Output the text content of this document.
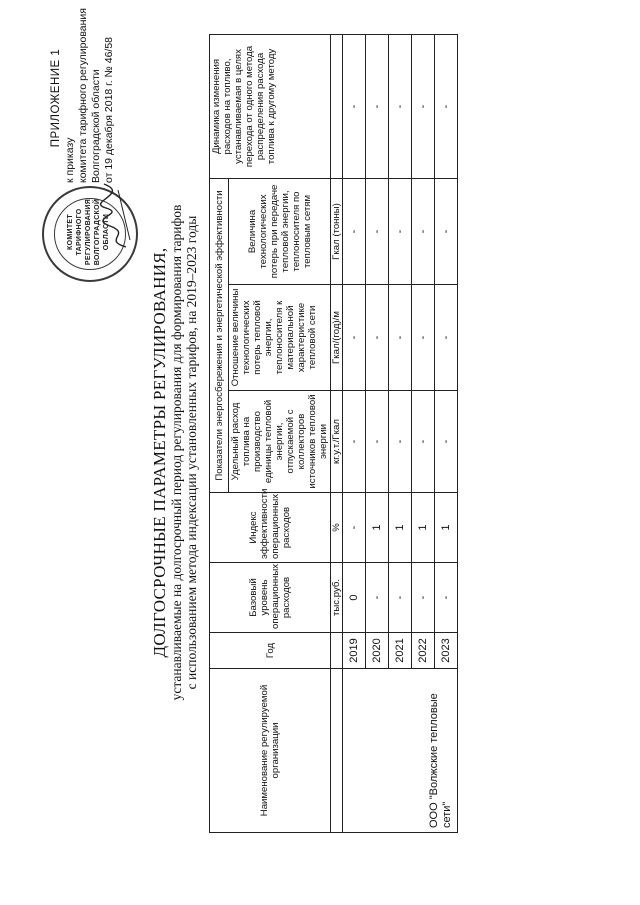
КОМИТЕТ ТАРИФНОГО РЕГУЛИРОВАНИЯ ВОЛГОГРАДСКОЙ ОБЛАСТИ
ПРИЛОЖЕНИЕ 1
к приказу комитета тарифного регулирования Волгоградской области от 19 декабря 2018 г. № 46/58
ДОЛГОСРОЧНЫЕ ПАРАМЕТРЫ РЕГУЛИРОВАНИЯ, устанавливаемые на долгосрочный период регулирования для формирования тарифов с использованием метода индексации установленных тарифов, на 2019–2023 годы
Наименование регулируемой организации	Год	Базовый уровень операционных расходов	Индекс эффективности операционных расходов	Показатели энергосбережения и энергетической эффективности			Динамика изменения расходов на топливо, устанавливаемая в целях перехода от одного метода распределения расхода топлива к другому методу
				Удельный расход топлива на производство единицы тепловой энергии, отпускаемой с коллекторов источников тепловой энергии	Отношение величины технологических потерь тепловой энергии, теплоносителя к материальной характеристике тепловой сети	Величина технологических потерь при передаче тепловой энергии, теплоносителя по тепловым сетям	
		тыс.руб.	%	кг.у.т./Гкал	Гкал/(год)/м	Гкал (тонны)	
ООО "Волжские тепловые сети"	2019	0	-	-	-	-	-
	2020	-	1	-	-	-	-
	2021	-	1	-	-	-	-
	2022	-	1	-	-	-	-
	2023	-	1	-	-	-	-
